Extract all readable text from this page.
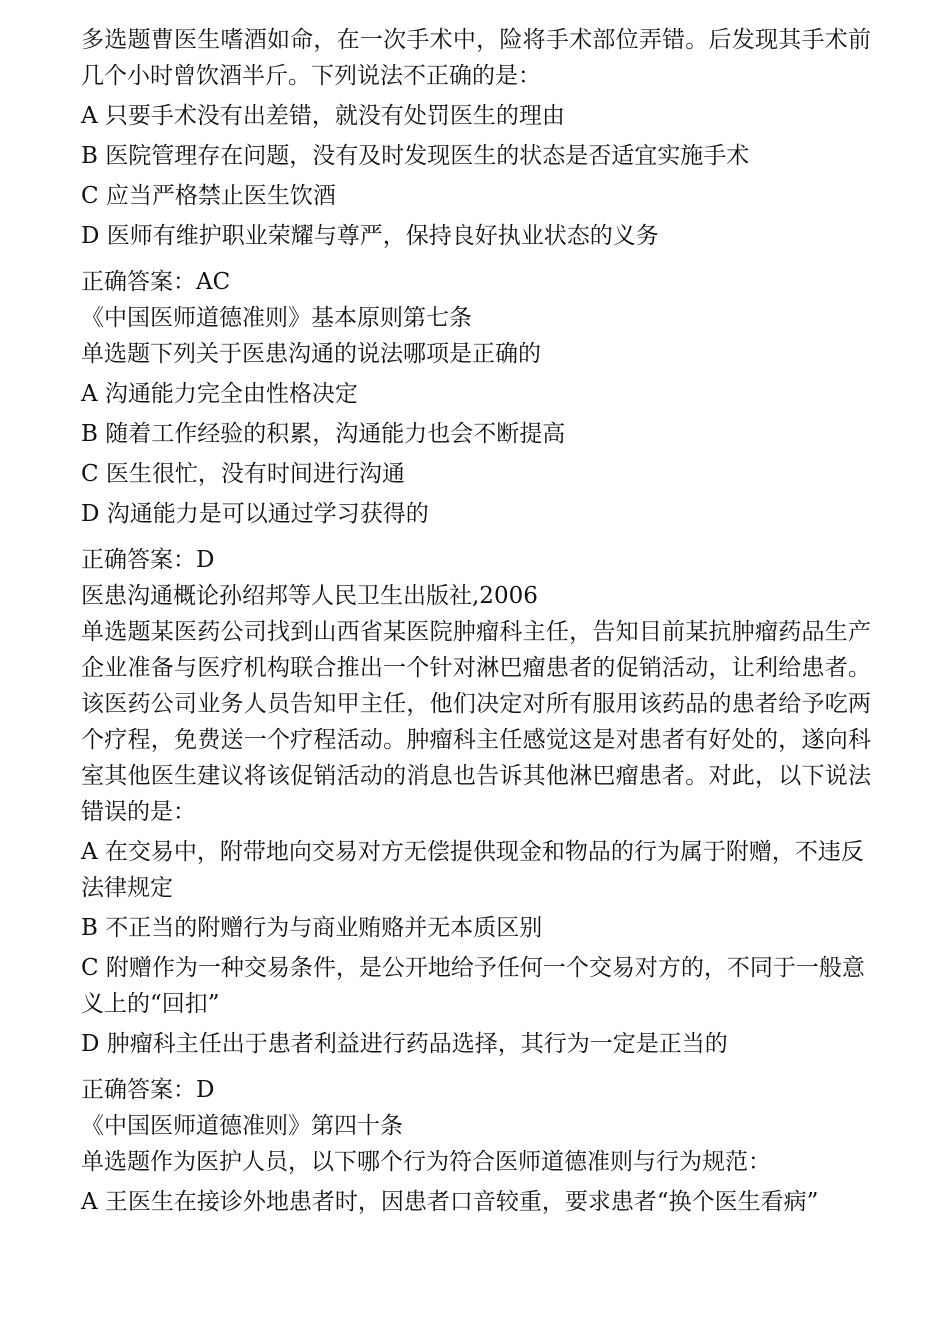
多选题曹医生嗜酒如命，在一次手术中，险将手术部位弄错。后发现其手术前几个小时曾饮酒半斤。下列说法不正确的是：
A 只要手术没有出差错，就没有处罚医生的理由
B 医院管理存在问题，没有及时发现医生的状态是否适宜实施手术
C 应当严格禁止医生饮酒
D 医师有维护职业荣耀与尊严，保持良好执业状态的义务
正确答案：AC
《中国医师道德准则》基本原则第七条
单选题下列关于医患沟通的说法哪项是正确的
A 沟通能力完全由性格决定
B 随着工作经验的积累，沟通能力也会不断提高
C 医生很忙，没有时间进行沟通
D 沟通能力是可以通过学习获得的
正确答案：D
医患沟通概论孙绍邦等人民卫生出版社,2006
单选题某医药公司找到山西省某医院肿瘤科主任，告知目前某抗肿瘤药品生产企业准备与医疗机构联合推出一个针对淋巴瘤患者的促销活动，让利给患者。该医药公司业务人员告知甲主任，他们决定对所有服用该药品的患者给予吃两个疗程，免费送一个疗程活动。肿瘤科主任感觉这是对患者有好处的，遂向科室其他医生建议将该促销活动的消息也告诉其他淋巴瘤患者。对此，以下说法错误的是：
A 在交易中，附带地向交易对方无偿提供现金和物品的行为属于附赠，不违反法律规定
B 不正当的附赠行为与商业贿赂并无本质区别
C 附赠作为一种交易条件，是公开地给予任何一个交易对方的，不同于一般意义上的“回扣”
D 肿瘤科主任出于患者利益进行药品选择，其行为一定是正当的
正确答案：D
《中国医师道德准则》第四十条
单选题作为医护人员，以下哪个行为符合医师道德准则与行为规范：
A 王医生在接诊外地患者时，因患者口音较重，要求患者“换个医生看病”
